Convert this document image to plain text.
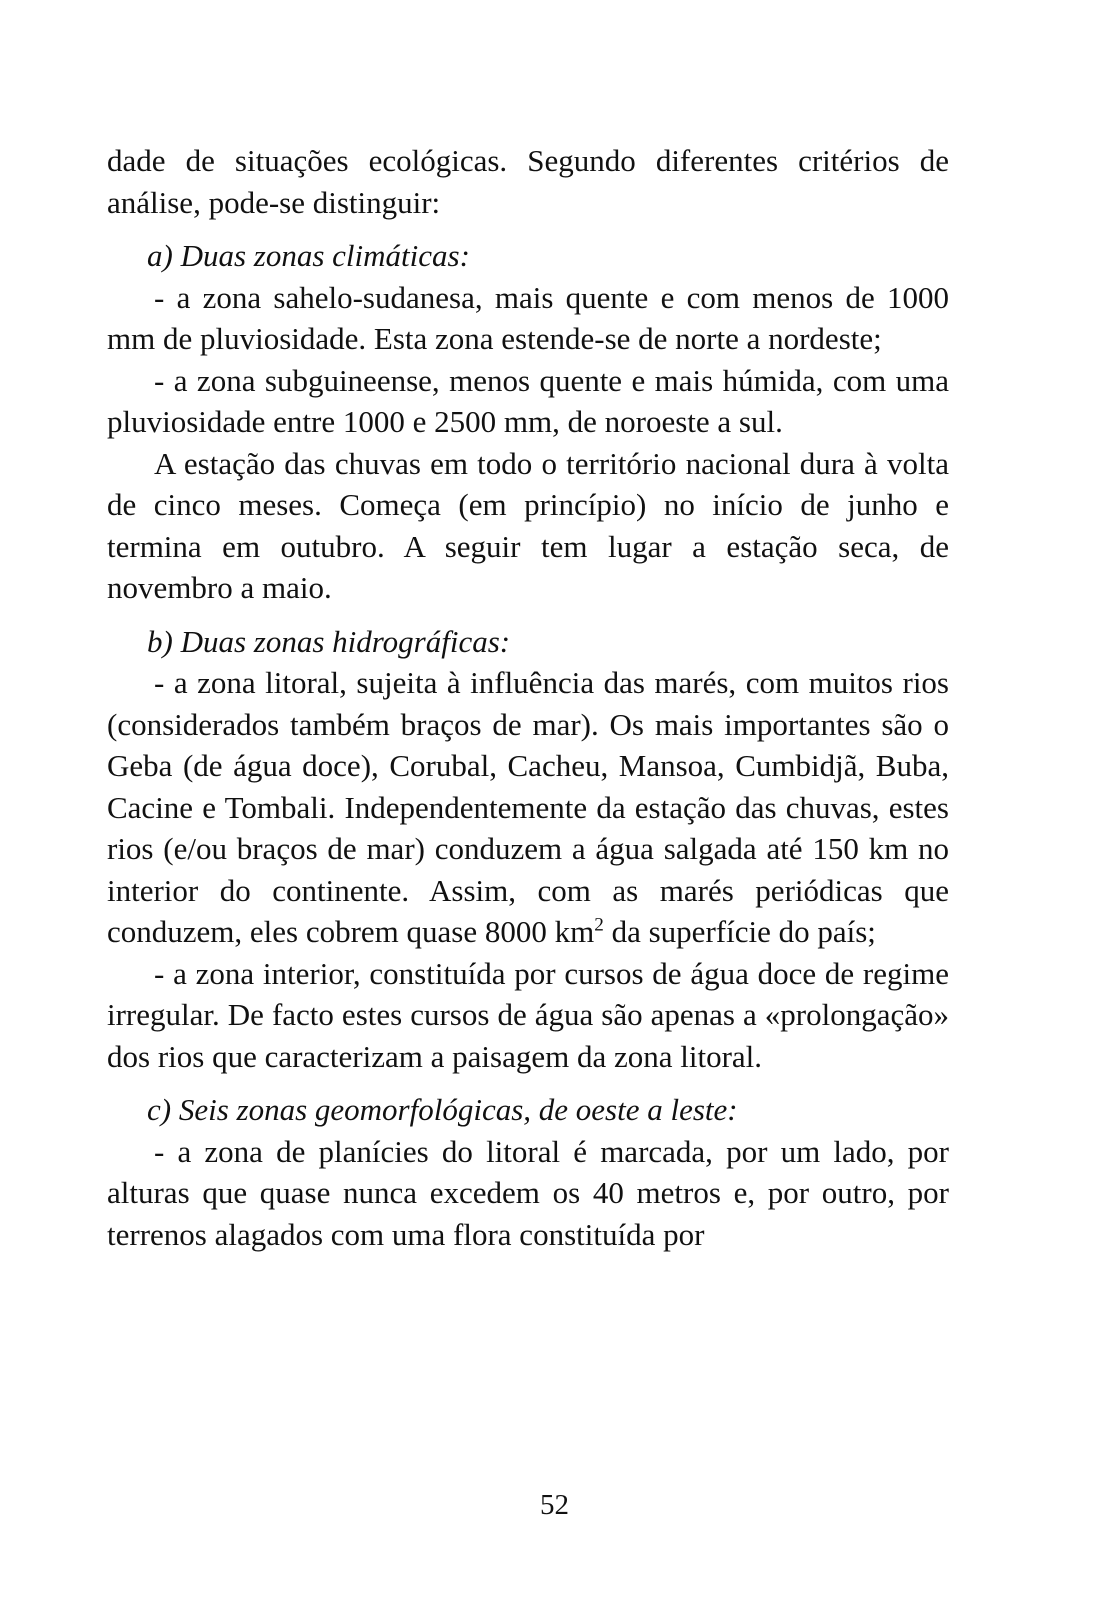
dade de situações ecológicas. Segundo diferentes critérios de análise, pode-se distinguir:

a) Duas zonas climáticas:

- a zona sahelo-sudanesa, mais quente e com menos de 1000 mm de pluviosidade. Esta zona estende-se de norte a nordeste;

- a zona subguineense, menos quente e mais húmida, com uma pluviosidade entre 1000 e 2500 mm, de noroeste a sul.

A estação das chuvas em todo o território nacional dura à volta de cinco meses. Começa (em princípio) no início de junho e termina em outubro. A seguir tem lugar a estação seca, de novembro a maio.

b) Duas zonas hidrográficas:

- a zona litoral, sujeita à influência das marés, com muitos rios (considerados também braços de mar). Os mais importantes são o Geba (de água doce), Corubal, Cacheu, Mansoa, Cumbidjã, Buba, Cacine e Tombali. Independentemente da estação das chuvas, estes rios (e/ou braços de mar) conduzem a água salgada até 150 km no interior do continente. Assim, com as marés periódicas que conduzem, eles cobrem quase 8000 $km^2$ da superfície do país;

- a zona interior, constituída por cursos de água doce de regime irregular. De facto estes cursos de água são apenas a «prolongação» dos rios que caracterizam a paisagem da zona litoral.

c) Seis zonas geomorfológicas, de oeste a leste:

- a zona de planícies do litoral é marcada, por um lado, por alturas que quase nunca excedem os 40 metros e, por outro, por terrenos alagados com uma flora constituída por

52
